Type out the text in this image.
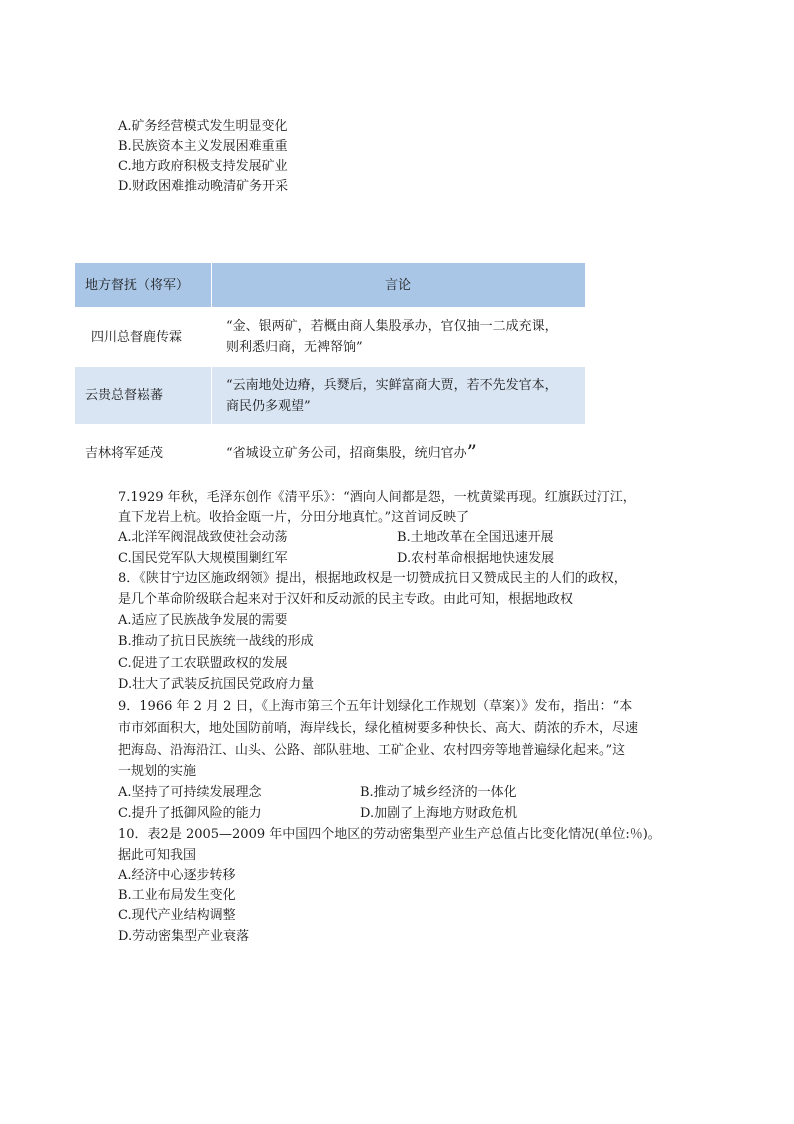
A.矿务经营模式发生明显变化
B.民族资本主义发展困难重重
C.地方政府积极支持发展矿业
D.财政困难推动晚清矿务开采
地方督抚（将军）	言论
四川总督鹿传霖	“金、银两矿，若概由商人集股承办，官仅抽一二成充课，
则利悉归商，无裨帑饷”

云贵总督崧蕃	“云南地处边瘠，兵燹后，实鲜富商大贾，若不先发官本，
商民仍多观望”

吉林将军延茂	“省城设立矿务公司，招商集股，统归官办”
7.1929 年秋，毛泽东创作《清平乐》：“酒向人间都是怨，一枕黄粱再现。红旗跃过汀江，
直下龙岩上杭。收拾金瓯一片，分田分地真忙。”这首词反映了
A.北洋军阀混战致使社会动荡	B.土地改革在全国迅速开展
C.国民党军队大规模围剿红军	D.农村革命根据地快速发展
8．《陕甘宁边区施政纲领》提出，根据地政权是一切赞成抗日又赞成民主的人们的政权，
是几个革命阶级联合起来对于汉奸和反动派的民主专政。由此可知，根据地政权
A.适应了民族战争发展的需要
B.推动了抗日民族统一战线的形成
C.促进了工农联盟政权的发展
D.壮大了武装反抗国民党政府力量
9．1966 年 2 月 2 日，《上海市第三个五年计划绿化工作规划（草案）》发布，指出：“本
市市郊面积大，地处国防前哨，海岸线长，绿化植树要多种快长、高大、荫浓的乔木，尽速
把海岛、沿海沿江、山头、公路、部队驻地、工矿企业、农村四旁等地普遍绿化起来。”这
一规划的实施
A.坚持了可持续发展理念	B.推动了城乡经济的一体化
C.提升了抵御风险的能力	D.加剧了上海地方财政危机
10．表2是 2005—2009 年中国四个地区的劳动密集型产业生产总值占比变化情况(单位:％)。
据此可知我国
A.经济中心逐步转移
B.工业布局发生变化
C.现代产业结构调整
D.劳动密集型产业衰落
